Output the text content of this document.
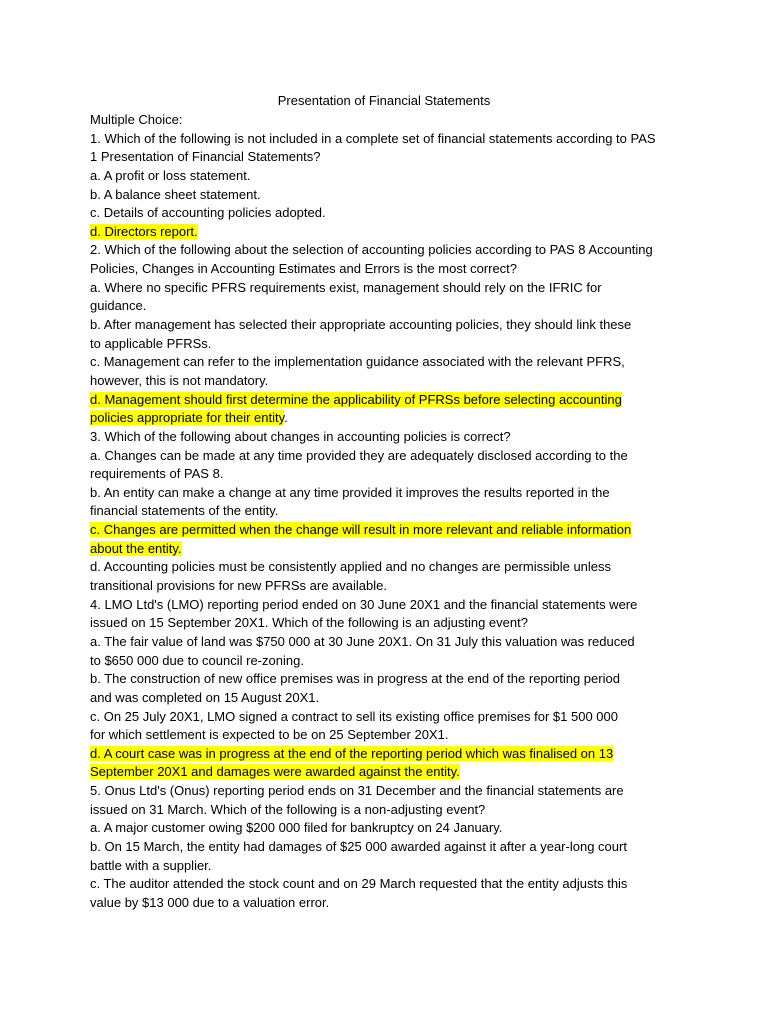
Presentation of Financial Statements
Multiple Choice:
1. Which of the following is not included in a complete set of financial statements according to PAS
1 Presentation of Financial Statements?
a. A profit or loss statement.
b. A balance sheet statement.
c. Details of accounting policies adopted.
d. Directors report.
2. Which of the following about the selection of accounting policies according to PAS 8 Accounting
Policies, Changes in Accounting Estimates and Errors is the most correct?
a. Where no specific PFRS requirements exist, management should rely on the IFRIC for
guidance.
b. After management has selected their appropriate accounting policies, they should link these
to applicable PFRSs.
c. Management can refer to the implementation guidance associated with the relevant PFRS,
however, this is not mandatory.
d. Management should first determine the applicability of PFRSs before selecting accounting
policies appropriate for their entity.
3. Which of the following about changes in accounting policies is correct?
a. Changes can be made at any time provided they are adequately disclosed according to the
requirements of PAS 8.
b. An entity can make a change at any time provided it improves the results reported in the
financial statements of the entity.
c. Changes are permitted when the change will result in more relevant and reliable information
about the entity.
d. Accounting policies must be consistently applied and no changes are permissible unless
transitional provisions for new PFRSs are available.
4. LMO Ltd's (LMO) reporting period ended on 30 June 20X1 and the financial statements were
issued on 15 September 20X1. Which of the following is an adjusting event?
a. The fair value of land was $750 000 at 30 June 20X1. On 31 July this valuation was reduced
to $650 000 due to council re-zoning.
b. The construction of new office premises was in progress at the end of the reporting period
and was completed on 15 August 20X1.
c. On 25 July 20X1, LMO signed a contract to sell its existing office premises for $1 500 000
for which settlement is expected to be on 25 September 20X1.
d. A court case was in progress at the end of the reporting period which was finalised on 13
September 20X1 and damages were awarded against the entity.
5. Onus Ltd's (Onus) reporting period ends on 31 December and the financial statements are
issued on 31 March. Which of the following is a non-adjusting event?
a. A major customer owing $200 000 filed for bankruptcy on 24 January.
b. On 15 March, the entity had damages of $25 000 awarded against it after a year-long court
battle with a supplier.
c. The auditor attended the stock count and on 29 March requested that the entity adjusts this
value by $13 000 due to a valuation error.
